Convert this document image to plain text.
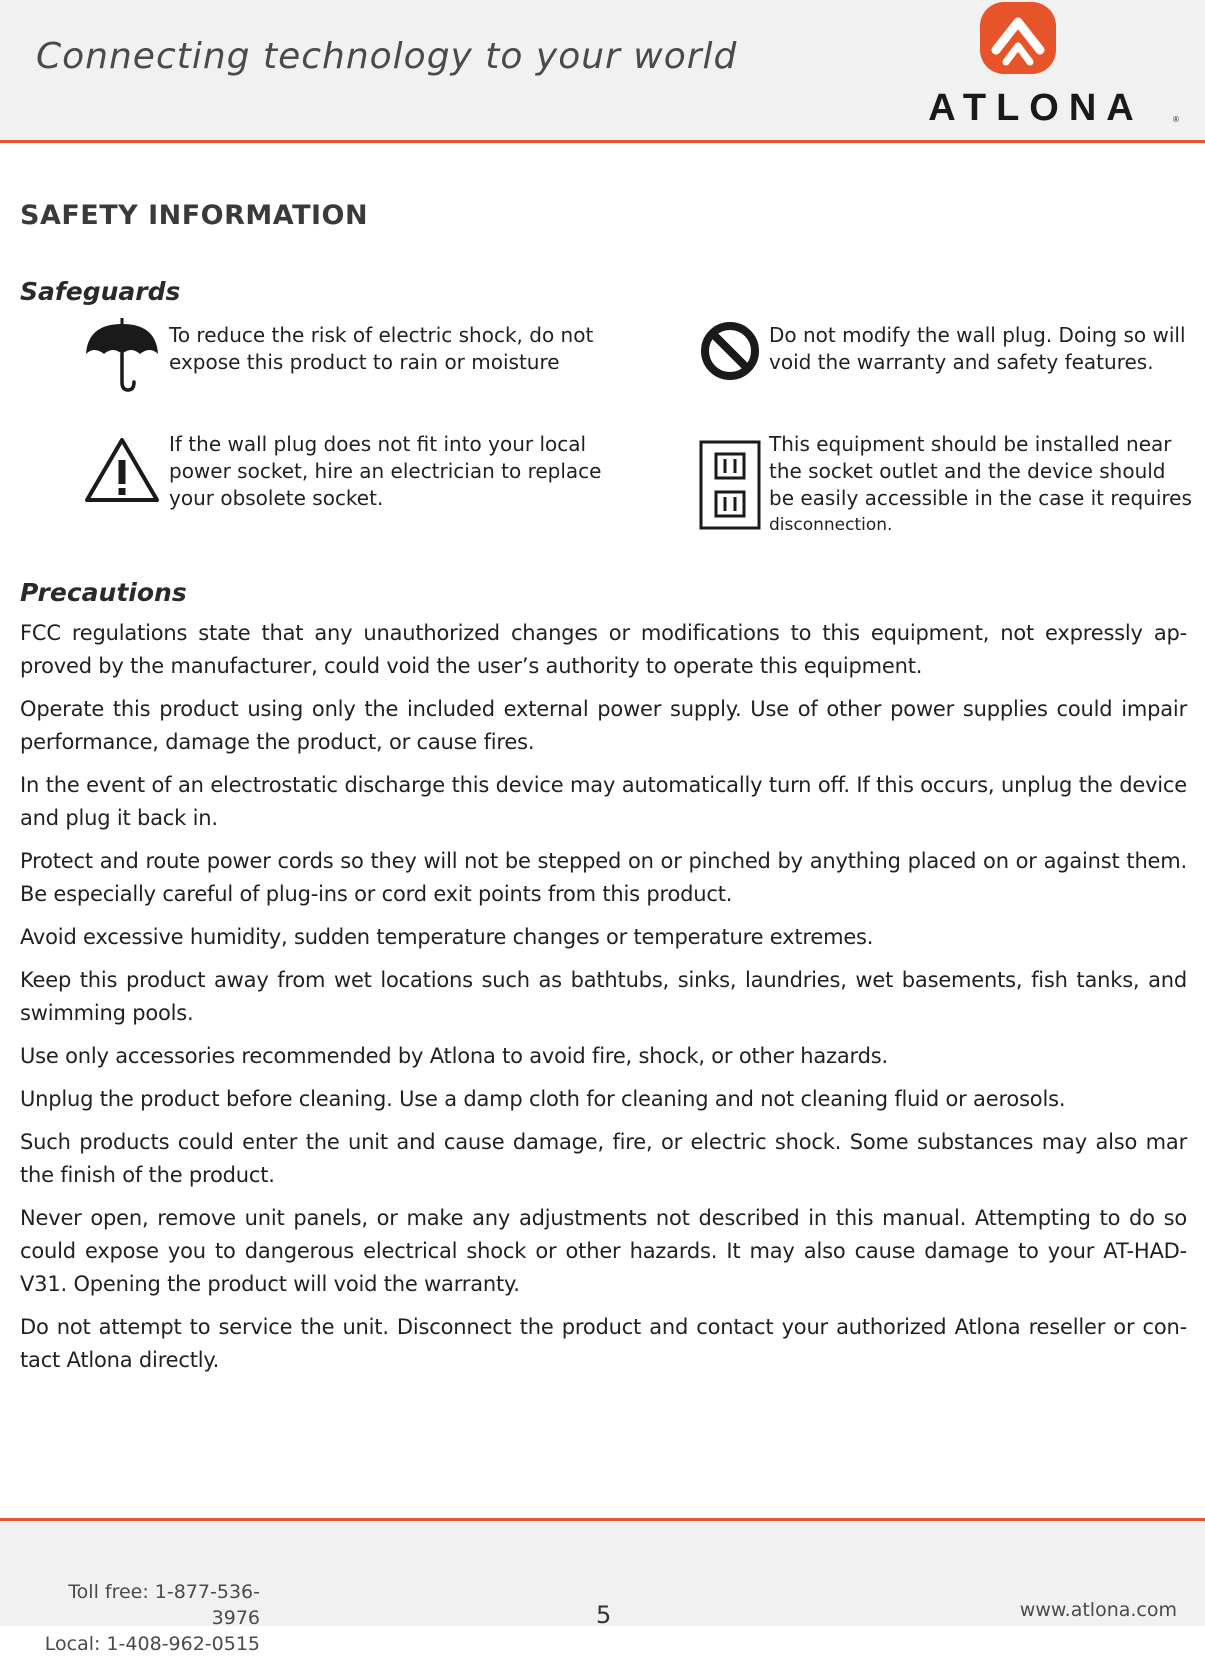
Connecting technology to your world
ATLONA	®
SAFETY INFORMATION
Safeguards
To reduce the risk of electric shock, do not
expose this product to rain or moisture
Do not modify the wall plug. Doing so will
void the warranty and safety features.
If the wall plug does not fit into your local
power socket, hire an electrician to replace
your obsolete socket.
This equipment should be installed near
the socket outlet and the device should
be easily accessible in the case it requires
disconnection.
Precautions

FCC regulations state that any unauthorized changes or modifications to this equipment, not expressly ap-proved by the manufacturer, could void the user’s authority to operate this equipment.

Operate this product using only the included external power supply. Use of other power supplies could impair performance, damage the product, or cause fires.

In the event of an electrostatic discharge this device may automatically turn off. If this occurs, unplug the device and plug it back in.

Protect and route power cords so they will not be stepped on or pinched by anything placed on or against them. Be especially careful of plug-ins or cord exit points from this product.

Avoid excessive humidity, sudden temperature changes or temperature extremes.

Keep this product away from wet locations such as bathtubs, sinks, laundries, wet basements, fish tanks, and swimming pools.

Use only accessories recommended by Atlona to avoid fire, shock, or other hazards.

Unplug the product before cleaning. Use a damp cloth for cleaning and not cleaning fluid or aerosols.

Such products could enter the unit and cause damage, fire, or electric shock. Some substances may also mar the finish of the product.

Never open, remove unit panels, or make any adjustments not described in this manual. Attempting to do so could expose you to dangerous electrical shock or other hazards. It may also cause damage to your AT-HAD-V31. Opening the product will void the warranty.

Do not attempt to service the unit. Disconnect the product and contact your authorized Atlona reseller or con-tact Atlona directly.

Toll free: 1-877-536-3976
Local: 1-408-962-0515
5	www.atlona.com
